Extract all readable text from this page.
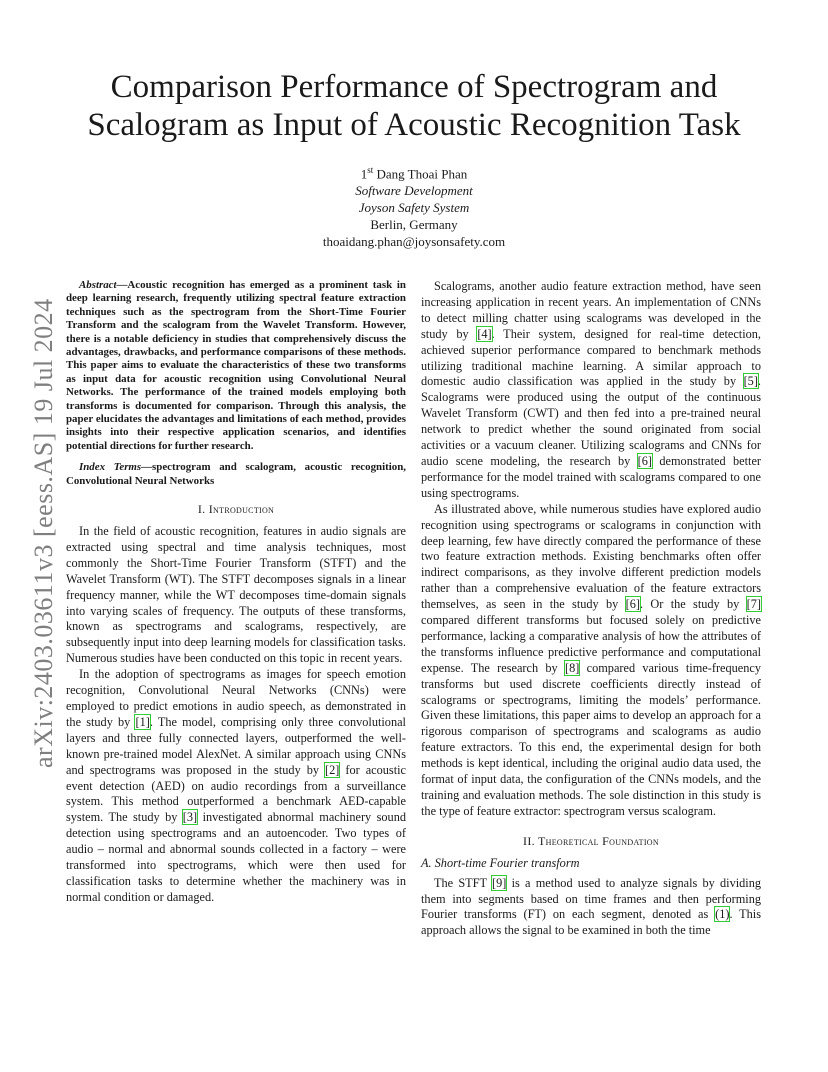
arXiv:2403.03611v3 [eess.AS] 19 Jul 2024
Comparison Performance of Spectrogram and
Scalogram as Input of Acoustic Recognition Task
1st Dang Thoai Phan
Software Development
Joyson Safety System
Berlin, Germany
thoaidang.phan@joysonsafety.com

Abstract—Acoustic recognition has emerged as a prominent task in deep learning research, frequently utilizing spectral feature extraction techniques such as the spectrogram from the Short-Time Fourier Transform and the scalogram from the Wavelet Transform. However, there is a notable deficiency in studies that comprehensively discuss the advantages, drawbacks, and performance comparisons of these methods. This paper aims to evaluate the characteristics of these two transforms as input data for acoustic recognition using Convolutional Neural Networks. The performance of the trained models employing both transforms is documented for comparison. Through this analysis, the paper elucidates the advantages and limitations of each method, provides insights into their respective application scenarios, and identifies potential directions for further research.

Index Terms—spectrogram and scalogram, acoustic recognition, Convolutional Neural Networks

I. Introduction

In the field of acoustic recognition, features in audio signals are extracted using spectral and time analysis techniques, most commonly the Short-Time Fourier Transform (STFT) and the Wavelet Transform (WT). The STFT decomposes signals in a linear frequency manner, while the WT decomposes time-domain signals into varying scales of frequency. The outputs of these transforms, known as spectrograms and scalograms, respectively, are subsequently input into deep learning models for classification tasks. Numerous studies have been conducted on this topic in recent years.

In the adoption of spectrograms as images for speech emotion recognition, Convolutional Neural Networks (CNNs) were employed to predict emotions in audio speech, as demonstrated in the study by [1]. The model, comprising only three convolutional layers and three fully connected layers, outperformed the well-known pre-trained model AlexNet. A similar approach using CNNs and spectrograms was proposed in the study by [2] for acoustic event detection (AED) on audio recordings from a surveillance system. This method outperformed a benchmark AED-capable system. The study by [3] investigated abnormal machinery sound detection using spectrograms and an autoencoder. Two types of audio – normal and abnormal sounds collected in a factory – were transformed into spectrograms, which were then used for classification tasks to determine whether the machinery was in normal condition or damaged.

Scalograms, another audio feature extraction method, have seen increasing application in recent years. An implementation of CNNs to detect milling chatter using scalograms was developed in the study by [4]. Their system, designed for real-time detection, achieved superior performance compared to benchmark methods utilizing traditional machine learning. A similar approach to domestic audio classification was applied in the study by [5]. Scalograms were produced using the output of the continuous Wavelet Transform (CWT) and then fed into a pre-trained neural network to predict whether the sound originated from social activities or a vacuum cleaner. Utilizing scalograms and CNNs for audio scene modeling, the research by [6] demonstrated better performance for the model trained with scalograms compared to one using spectrograms.

As illustrated above, while numerous studies have explored audio recognition using spectrograms or scalograms in conjunction with deep learning, few have directly compared the performance of these two feature extraction methods. Existing benchmarks often offer indirect comparisons, as they involve different prediction models rather than a comprehensive evaluation of the feature extractors themselves, as seen in the study by [6]. Or the study by [7] compared different transforms but focused solely on predictive performance, lacking a comparative analysis of how the attributes of the transforms influence predictive performance and computational expense. The research by [8] compared various time-frequency transforms but used discrete coefficients directly instead of scalograms or spectrograms, limiting the models’ performance. Given these limitations, this paper aims to develop an approach for a rigorous comparison of spectrograms and scalograms as audio feature extractors. To this end, the experimental design for both methods is kept identical, including the original audio data used, the format of input data, the configuration of the CNNs models, and the training and evaluation methods. The sole distinction in this study is the type of feature extractor: spectrogram versus scalogram.

II. Theoretical Foundation

A. Short-time Fourier transform

The STFT [9] is a method used to analyze signals by dividing them into segments based on time frames and then performing Fourier transforms (FT) on each segment, denoted as (1). This approach allows the signal to be examined in both the time
